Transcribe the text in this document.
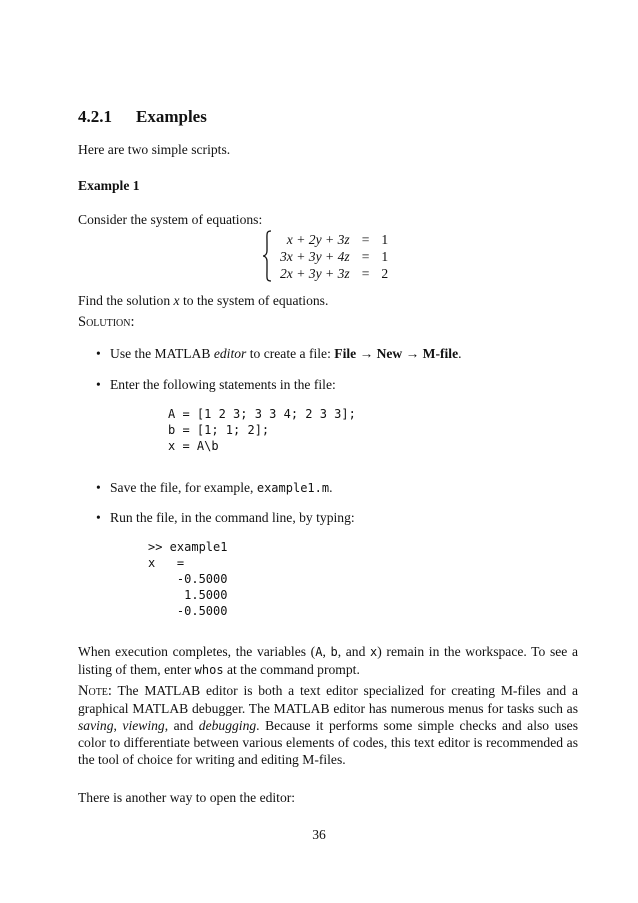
4.2.1 Examples
Here are two simple scripts.
Example 1
Consider the system of equations:
x + 2y + 3z	=	1
3x + 3y + 4z	=	1
2x + 3y + 3z	=	2
Find the solution x to the system of equations.
Solution:
• Use the MATLAB editor to create a file: File → New → M-file.
• Enter the following statements in the file:
A = [1 2 3; 3 3 4; 2 3 3];
b = [1; 1; 2];
x = A\b
• Save the file, for example, example1.m.
• Run the file, in the command line, by typing:
>> example1
x   =
-0.5000
1.5000
-0.5000
When execution completes, the variables (A, b, and x) remain in the workspace. To see a listing of them, enter whos at the command prompt.
Note: The MATLAB editor is both a text editor specialized for creating M-files and a graphical MATLAB debugger. The MATLAB editor has numerous menus for tasks such as saving, viewing, and debugging. Because it performs some simple checks and also uses color to differentiate between various elements of codes, this text editor is recommended as the tool of choice for writing and editing M-files.
There is another way to open the editor:
36
